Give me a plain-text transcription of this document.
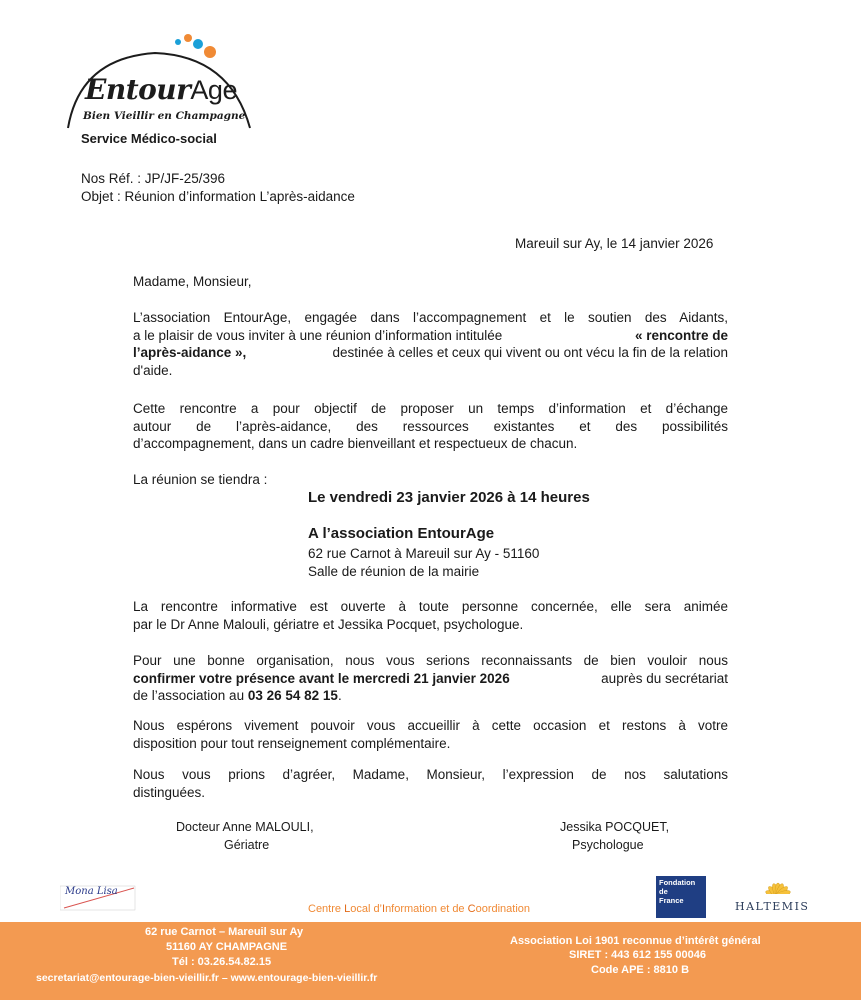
EntourAge
Bien Vieillir en Champagne
Service Médico-social
Nos Réf. : JP/JF-25/396
Objet : Réunion d’information L’après-aidance
Mareuil sur Ay, le 14 janvier 2026
Madame, Monsieur,
L’association EntourAge, engagée dans l’accompagnement et le soutien des Aidants,
a le plaisir de vous inviter à une réunion d’information intitulée	« rencontre de
l’après-aidance »,	destinée à celles et ceux qui vivent ou ont vécu la fin de la relation
d'aide.
Cette rencontre a pour objectif de proposer un temps d’information et d’échange
autour de l’après-aidance, des ressources existantes et des possibilités
d’accompagnement, dans un cadre bienveillant et respectueux de chacun.
La réunion se tiendra :
Le vendredi 23 janvier 2026 à 14 heures
A l’association EntourAge
62 rue Carnot à Mareuil sur Ay - 51160
Salle de réunion de la mairie
La rencontre informative est ouverte à toute personne concernée, elle sera animée
par le Dr Anne Malouli, gériatre et Jessika Pocquet, psychologue.
Pour une bonne organisation, nous vous serions reconnaissants de bien vouloir nous
confirmer votre présence avant le mercredi 21 janvier 2026	auprès du secrétariat
de l’association au 03 26 54 82 15.
Nous espérons vivement pouvoir vous accueillir à cette occasion et restons à votre
disposition pour tout renseignement complémentaire.
Nous vous prions d’agréer, Madame, Monsieur, l’expression de nos salutations
distinguées.
Docteur Anne MALOULI,
Gériatre
Jessika POCQUET,
Psychologue
Mona Lisa
Centre Local d’Information et de Coordination
Fondation
de
France	HALTEMIS
62 rue Carnot – Mareuil sur Ay
51160 AY CHAMPAGNE
Tél : 03.26.54.82.15
secretariat@entourage-bien-vieillir.fr – www.entourage-bien-vieillir.fr
Association Loi 1901 reconnue d’intérêt général
SIRET : 443 612 155 00046
Code APE : 8810 B
